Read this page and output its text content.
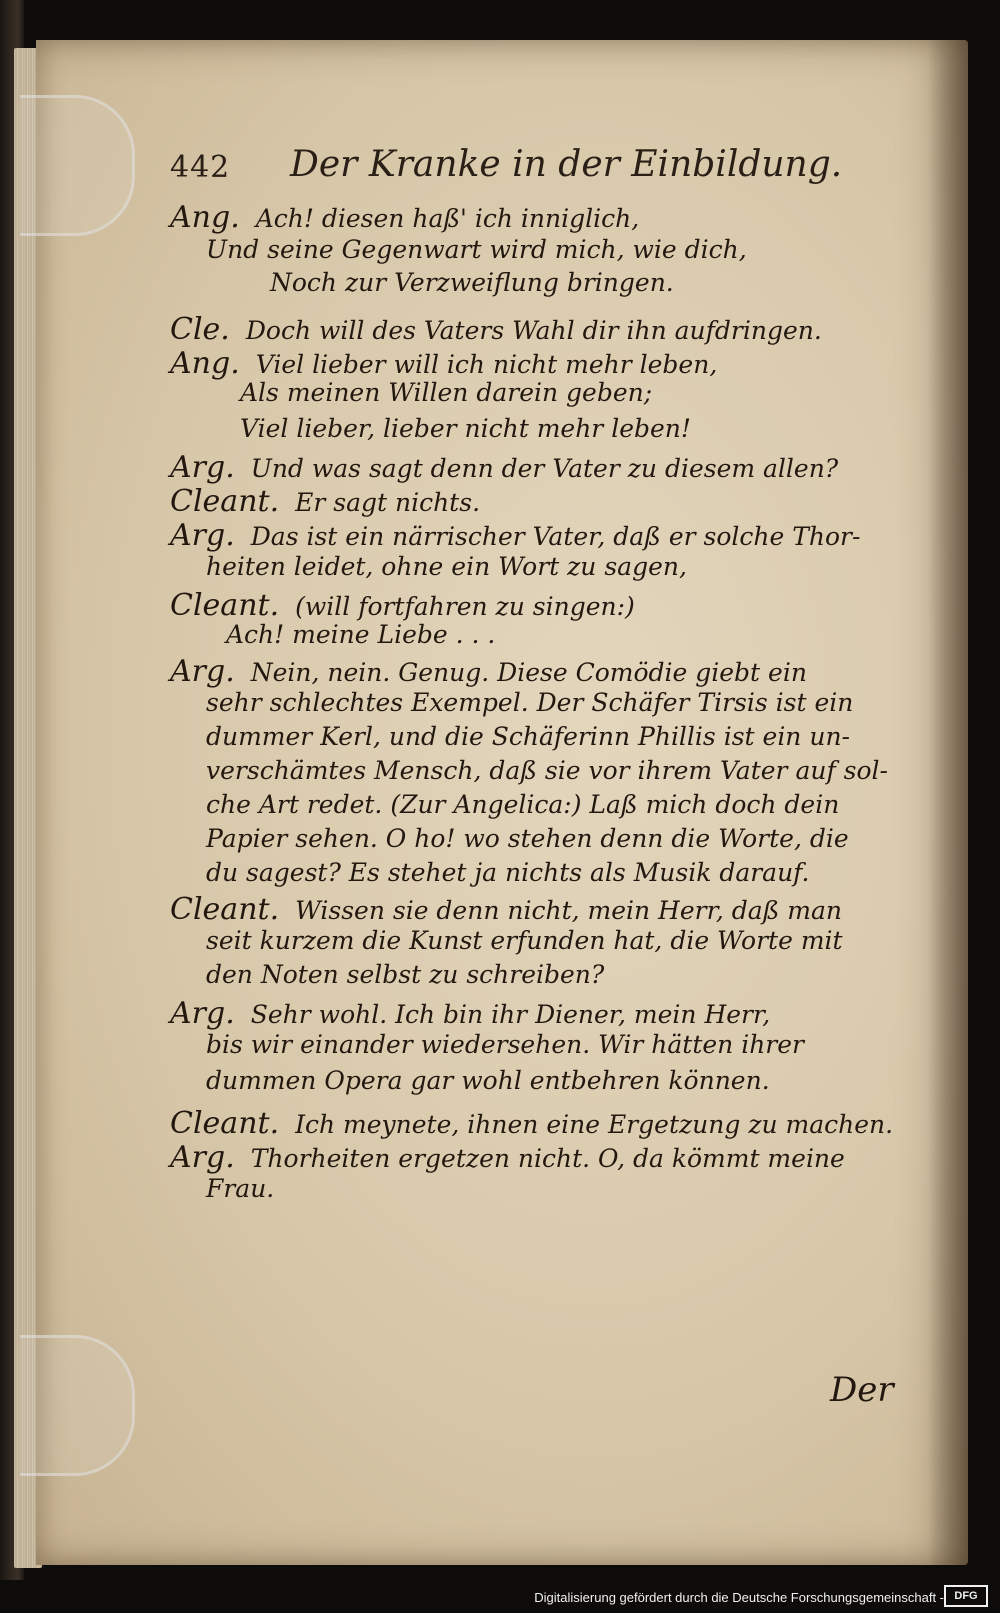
442 Der Kranke in der Einbildung.
Ang. Ach! diesen haß' ich inniglich,
Und seine Gegenwart wird mich, wie dich,
Noch zur Verzweiflung bringen.
Cle. Doch will des Vaters Wahl dir ihn aufdringen.
Ang. Viel lieber will ich nicht mehr leben,
Als meinen Willen darein geben;
Viel lieber, lieber nicht mehr leben!
Arg. Und was sagt denn der Vater zu diesem allen?
Cleant. Er sagt nichts.
Arg. Das ist ein närrischer Vater, daß er solche Thor-
heiten leidet, ohne ein Wort zu sagen,
Cleant. (will fortfahren zu singen:)
Ach! meine Liebe . . .
Arg. Nein, nein. Genug. Diese Comödie giebt ein
sehr schlechtes Exempel. Der Schäfer Tirsis ist ein
dummer Kerl, und die Schäferinn Phillis ist ein un-
verschämtes Mensch, daß sie vor ihrem Vater auf sol-
che Art redet. (Zur Angelica:) Laß mich doch dein
Papier sehen. O ho! wo stehen denn die Worte, die
du sagest? Es stehet ja nichts als Musik darauf.
Cleant. Wissen sie denn nicht, mein Herr, daß man
seit kurzem die Kunst erfunden hat, die Worte mit
den Noten selbst zu schreiben?
Arg. Sehr wohl. Ich bin ihr Diener, mein Herr,
bis wir einander wiedersehen. Wir hätten ihrer
dummen Opera gar wohl entbehren können.
Cleant. Ich meynete, ihnen eine Ergetzung zu machen.
Arg. Thorheiten ergetzen nicht. O, da kömmt meine
Frau.
Der
Digitalisierung gefördert durch die Deutsche Forschungsgemeinschaft - DFG
